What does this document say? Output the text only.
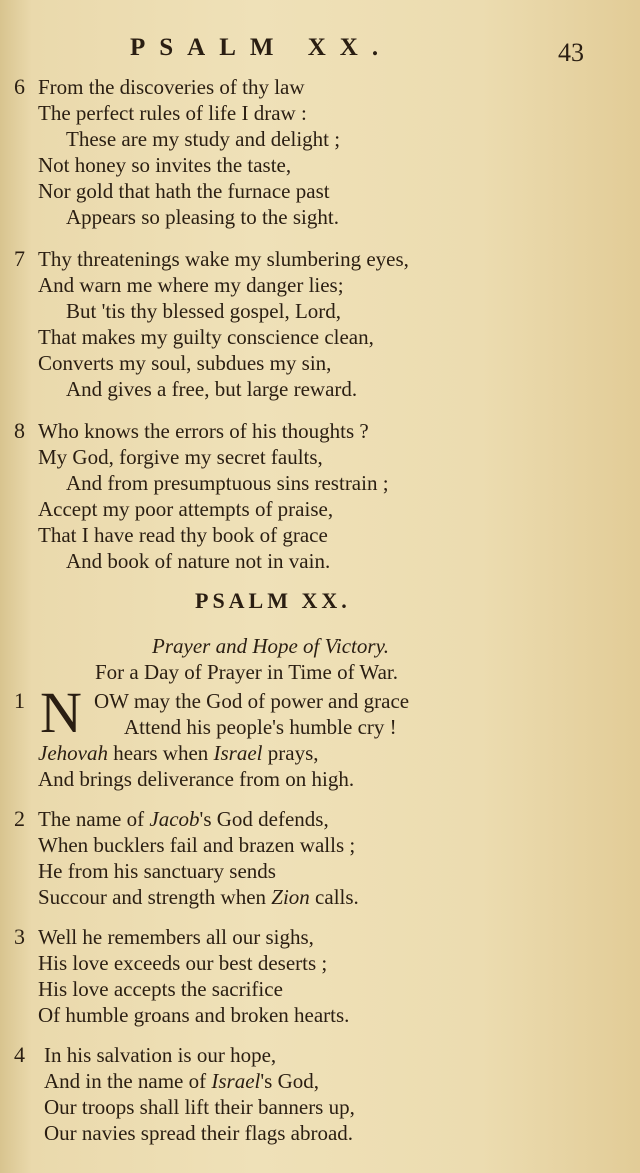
PSALM XX.	43
6 From the discoveries of thy law
The perfect rules of life I draw :
These are my study and delight ;
Not honey so invites the taste,
Nor gold that hath the furnace past
Appears so pleasing to the sight.
7 Thy threatenings wake my slumbering eyes,
And warn me where my danger lies;
But 'tis thy blessed gospel, Lord,
That makes my guilty conscience clean,
Converts my soul, subdues my sin,
And gives a free, but large reward.
8 Who knows the errors of his thoughts ?
My God, forgive my secret faults,
And from presumptuous sins restrain ;
Accept my poor attempts of praise,
That I have read thy book of grace
And book of nature not in vain.
PSALM XX.
Prayer and Hope of Victory.
For a Day of Prayer in Time of War.
1 N OW may the God of power and grace
Attend his people's humble cry !
Jehovah hears when Israel prays,
And brings deliverance from on high.
2 The name of Jacob's God defends,
When bucklers fail and brazen walls ;
He from his sanctuary sends
Succour and strength when Zion calls.
3 Well he remembers all our sighs,
His love exceeds our best deserts ;
His love accepts the sacrifice
Of humble groans and broken hearts.
4 In his salvation is our hope,
And in the name of Israel's God,
Our troops shall lift their banners up,
Our navies spread their flags abroad.
